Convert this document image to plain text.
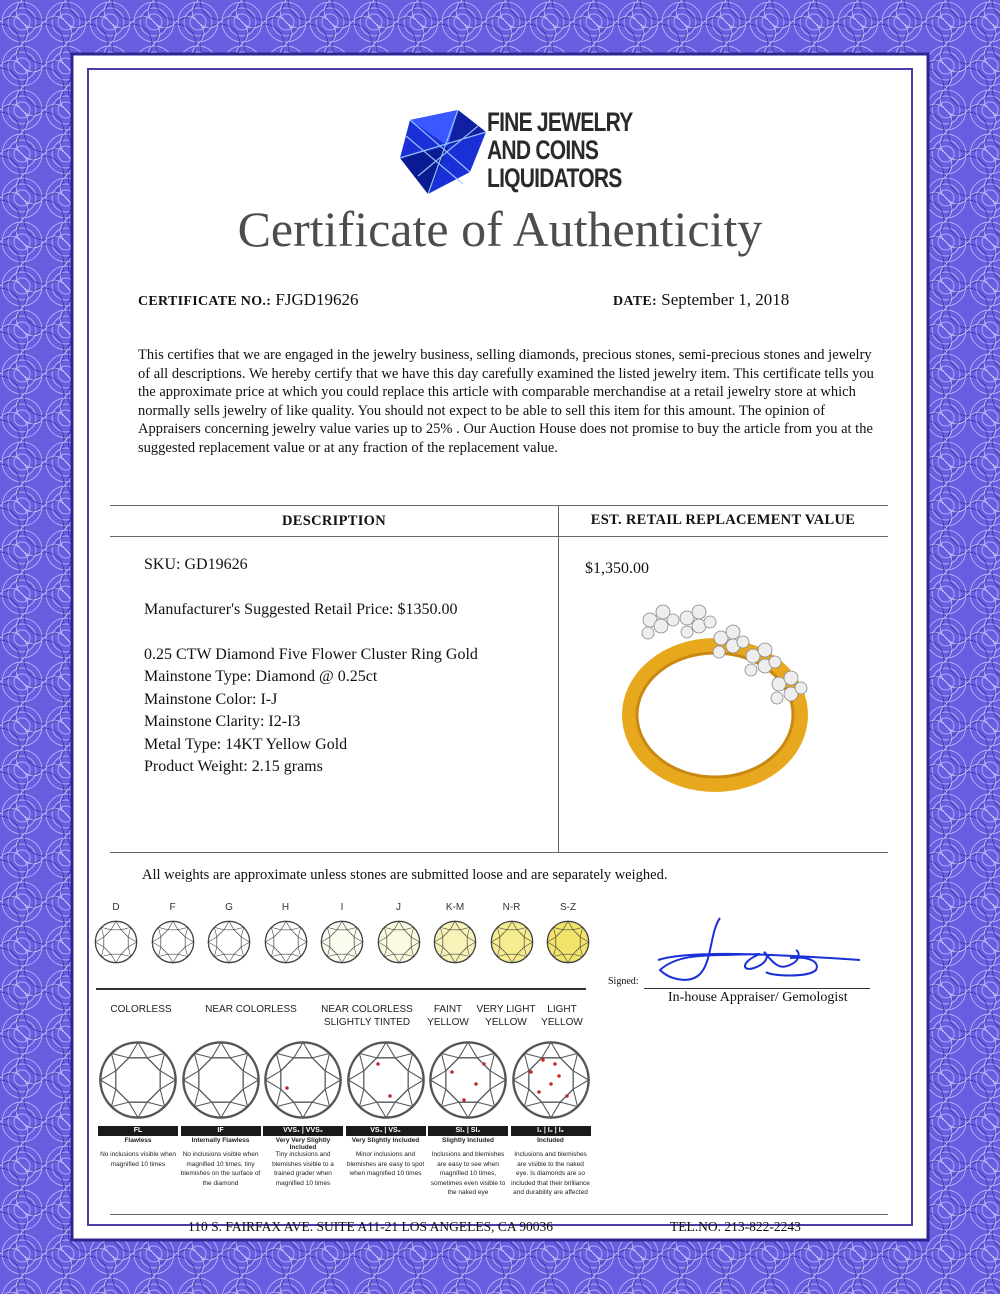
FINE JEWELRY
AND COINS
LIQUIDATORS
Certificate of Authenticity
CERTIFICATE NO.: FJGD19626	DATE: September 1, 2018
This certifies that we are engaged in the jewelry business, selling diamonds, precious stones, semi-precious stones and jewelry of all descriptions. We hereby certify that we have this day carefully examined the listed jewelry item. This certificate tells you the approximate price at which you could replace this article with comparable merchandise at a retail jewelry store at which normally sells jewelry of like quality. You should not expect to be able to sell this item for this amount. The opinion of Appraisers concerning jewelry value varies up to 25% . Our Auction House does not promise to buy the article from you at the suggested replacement value or at any fraction of the replacement value.
DESCRIPTION	EST. RETAIL REPLACEMENT VALUE
SKU: GD19626
Manufacturer's Suggested Retail Price: $1350.00
0.25 CTW Diamond Five Flower Cluster Ring Gold
Mainstone Type: Diamond @ 0.25ct
Mainstone Color: I-J
Mainstone Clarity: I2-I3
Metal Type: 14KT Yellow Gold
Product Weight: 2.15 grams
$1,350.00
All weights are approximate unless stones are submitted loose and are separately weighed.
Signed:
In-house Appraiser/ Gemologist
110 S. FAIRFAX AVE. SUITE A11-21 LOS ANGELES, CA 90036	TEL.NO. 213-822-2243
D	F	G	H	I	J	K-M	N-R	S-Z
COLORLESS	NEAR COLORLESS	NEAR COLORLESS
SLIGHTLY TINTED
FAINT
YELLOW
VERY LIGHT
YELLOW
LIGHT
YELLOW
FL
Flawless
No inclusions visible when magnified 10 times
IF
Internally Flawless
No inclusions visible when magnified 10 times, tiny blemishes on the surface of the diamond
VVS₁ | VVS₂
Very Very Slightly Included
Tiny inclusions and blemishes visible to a trained grader when magnified 10 times
VS₁ | VS₂
Very Slightly Included
Minor inclusions and blemishes are easy to spot when magnified 10 times
SI₁ | SI₂
Slightly Included
Inclusions and blemishes are easy to see when magnified 10 times, sometimes even visible to the naked eye
I₁ | I₂ | I₃
Included
Inclusions and blemishes are visible to the naked eye. Is diamonds are so included that their brilliance and durability are affected
